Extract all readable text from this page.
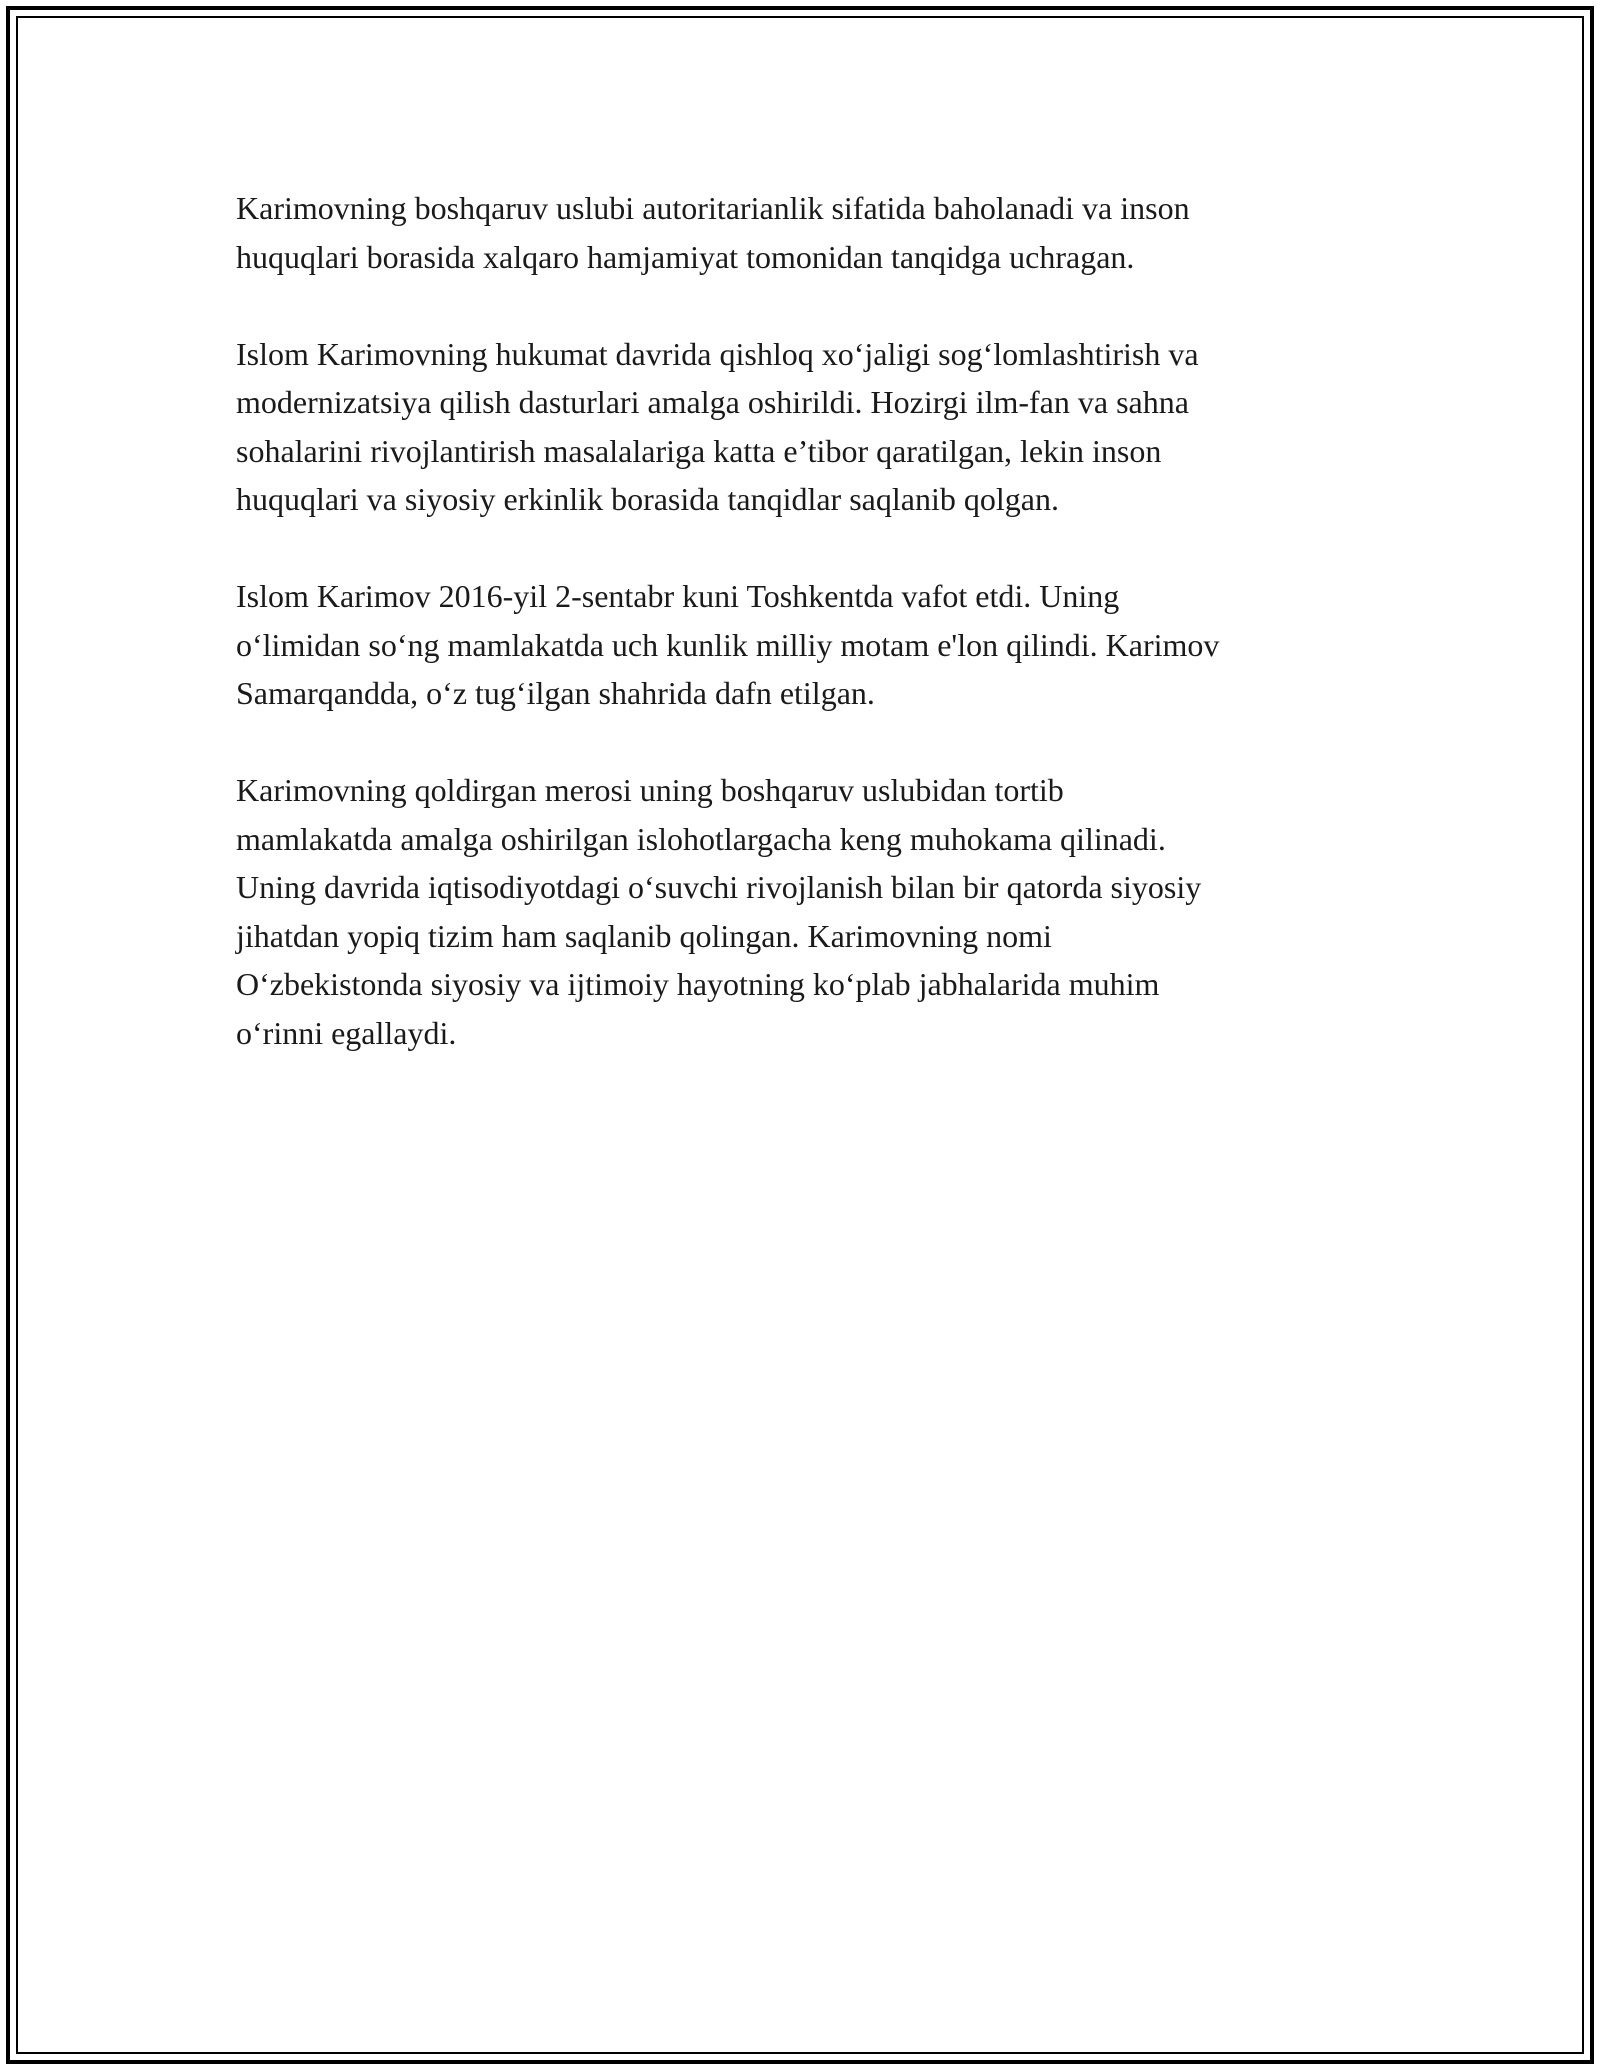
Karimovning boshqaruv uslubi autoritarianlik sifatida baholanadi va inson
huquqlari borasida xalqaro hamjamiyat tomonidan tanqidga uchragan.

Islom Karimovning hukumat davrida qishloq xo‘jaligi sog‘lomlashtirish va
modernizatsiya qilish dasturlari amalga oshirildi. Hozirgi ilm-fan va sahna
sohalarini rivojlantirish masalalariga katta e’tibor qaratilgan, lekin inson
huquqlari va siyosiy erkinlik borasida tanqidlar saqlanib qolgan.

Islom Karimov 2016-yil 2-sentabr kuni Toshkentda vafot etdi. Uning
o‘limidan so‘ng mamlakatda uch kunlik milliy motam e'lon qilindi. Karimov
Samarqandda, o‘z tug‘ilgan shahrida dafn etilgan.

Karimovning qoldirgan merosi uning boshqaruv uslubidan tortib
mamlakatda amalga oshirilgan islohotlargacha keng muhokama qilinadi.
Uning davrida iqtisodiyotdagi o‘suvchi rivojlanish bilan bir qatorda siyosiy
jihatdan yopiq tizim ham saqlanib qolingan. Karimovning nomi
O‘zbekistonda siyosiy va ijtimoiy hayotning ko‘plab jabhalarida muhim
o‘rinni egallaydi.
